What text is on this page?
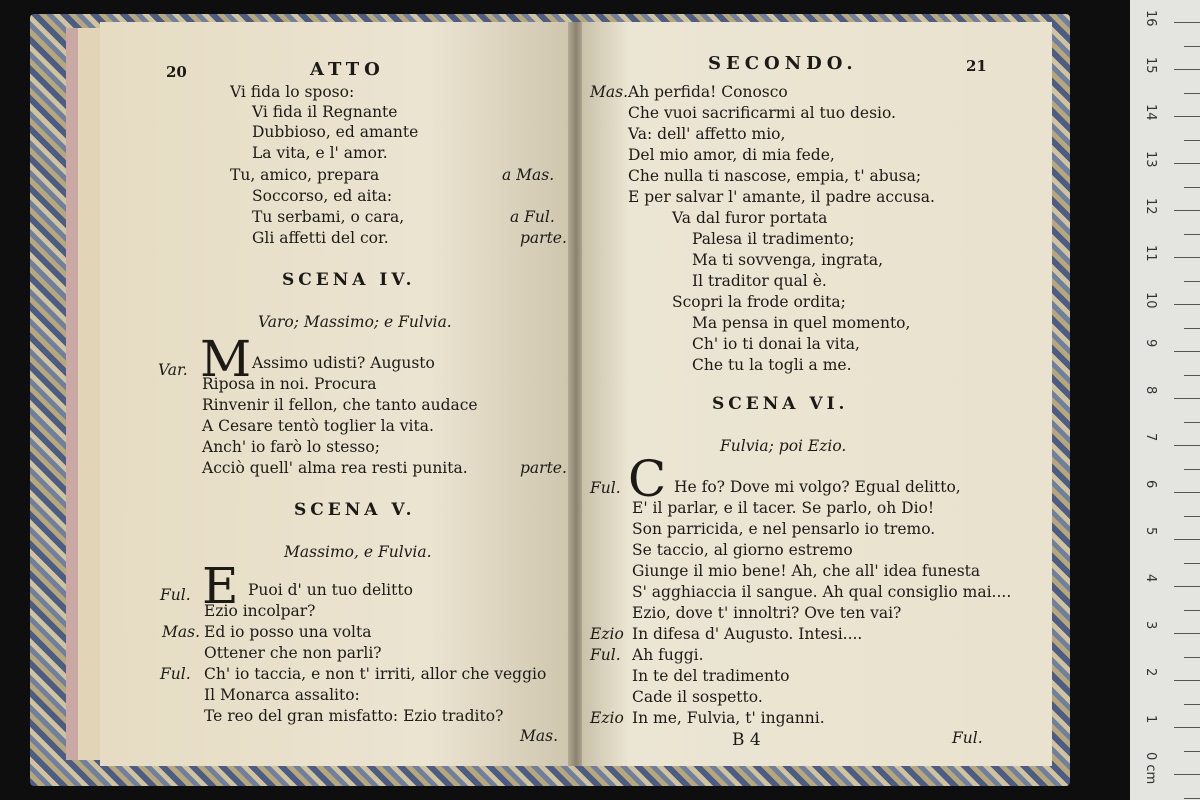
20	ATTO
Vi fida lo sposo:
Vi fida il Regnante
Dubbioso, ed amante
La vita, e l' amor.
Tu, amico, prepara	a Mas.
Soccorso, ed aita:
Tu serbami, o cara,	a Ful.
Gli affetti del cor.	parte.
SCENA IV.
Varo; Massimo; e Fulvia.
Var. M Assimo udisti? Augusto
Riposa in noi. Procura
Rinvenir il fellon, che tanto audace
A Cesare tentò toglier la vita.
Anch' io farò lo stesso;
Acciò quell' alma rea resti punita.	parte.
SCENA V.
Massimo, e Fulvia.
Ful. E Puoi d' un tuo delitto
Ezio incolpar?
Mas. Ed io posso una volta
Ottener che non parli?
Ful. Ch' io taccia, e non t' irriti, allor che veggio
Il Monarca assalito:
Te reo del gran misfatto: Ezio tradito?
Mas.
SECONDO.	21
Mas. Ah perfida! Conosco
Che vuoi sacrificarmi al tuo desio.
Va: dell' affetto mio,
Del mio amor, di mia fede,
Che nulla ti nascose, empia, t' abusa;
E per salvar l' amante, il padre accusa.
Va dal furor portata
Palesa il tradimento;
Ma ti sovvenga, ingrata,
Il traditor qual è.
Scopri la frode ordita;
Ma pensa in quel momento,
Ch' io ti donai la vita,
Che tu la togli a me.
SCENA VI.
Fulvia; poi Ezio.
Ful. C He fo? Dove mi volgo? Egual delitto,
E' il parlar, e il tacer. Se parlo, oh Dio!
Son parricida, e nel pensarlo io tremo.
Se taccio, al giorno estremo
Giunge il mio bene! Ah, che all' idea funesta
S' agghiaccia il sangue. Ah qual consiglio mai....
Ezio, dove t' innoltri? Ove ten vai?
Ezio In difesa d' Augusto. Intesi....
Ful. Ah fuggi.
In te del tradimento
Cade il sospetto.
Ezio In me, Fulvia, t' inganni.
B 4	Ful.
16
15
14
13
12
11
10
9
8
7
6
5
4
3
2
1
0 cm
